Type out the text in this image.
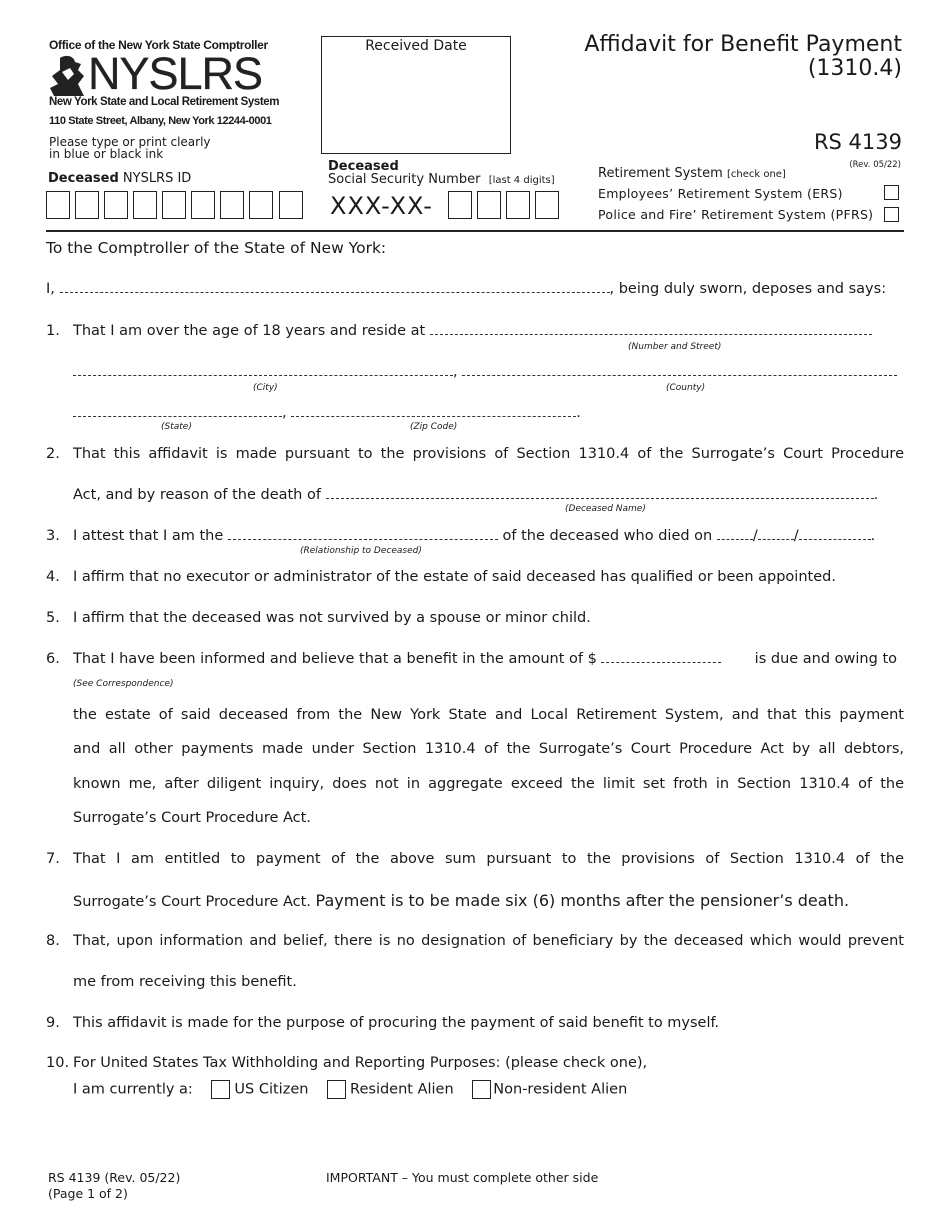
Office of the New York State Comptroller
NYSLRS
New York State and Local Retirement System
110 State Street, Albany, New York 12244-0001
Please type or print clearly
in blue or black ink
Received Date	Affidavit for Benefit Payment
(1310.4)
RS 4139
(Rev. 05/22)
Deceased NYSLRS ID
Deceased
Social Security Number [last 4 digits]
XXX-XX-
Retirement System [check one]
Employees’ Retirement System (ERS)
Police and Fire’ Retirement System (PFRS)
To the Comptroller of the State of New York:
I,	, being duly sworn, deposes and says:
1. That I am over the age of 18 years and reside at
(Number and Street)
,
(City)	(County)
,	.
(State)	(Zip Code)
2. That this affidavit is made pursuant to the provisions of Section 1310.4 of the Surrogate’s Court Procedure
Act, and by reason of the death of	.
(Deceased Name)
3. I attest that I am the	of the deceased who died on	/ /	.
(Relationship to Deceased)
4. I affirm that no executor or administrator of the estate of said deceased has qualified or been appointed.
5. I affirm that the deceased was not survived by a spouse or minor child.
6. That I have been informed and believe that a benefit in the amount of $	is due and owing to
(See Correspondence)
the estate of said deceased from the New York State and Local Retirement System, and that this payment
and all other payments made under Section 1310.4 of the Surrogate’s Court Procedure Act by all debtors,
known me, after diligent inquiry, does not in aggregate exceed the limit set froth in Section 1310.4 of the
Surrogate’s Court Procedure Act.
7. That I am entitled to payment of the above sum pursuant to the provisions of Section 1310.4 of the
Surrogate’s Court Procedure Act. Payment is to be made six (6) months after the pensioner’s death.
8. That, upon information and belief, there is no designation of beneficiary by the deceased which would prevent
me from receiving this benefit.
9. This affidavit is made for the purpose of procuring the payment of said benefit to myself.
10. For United States Tax Withholding and Reporting Purposes: (please check one),
I am currently a:	US Citizen	Resident Alien	Non-resident Alien
RS 4139 (Rev. 05/22)
(Page 1 of 2)
IMPORTANT – You must complete other side
